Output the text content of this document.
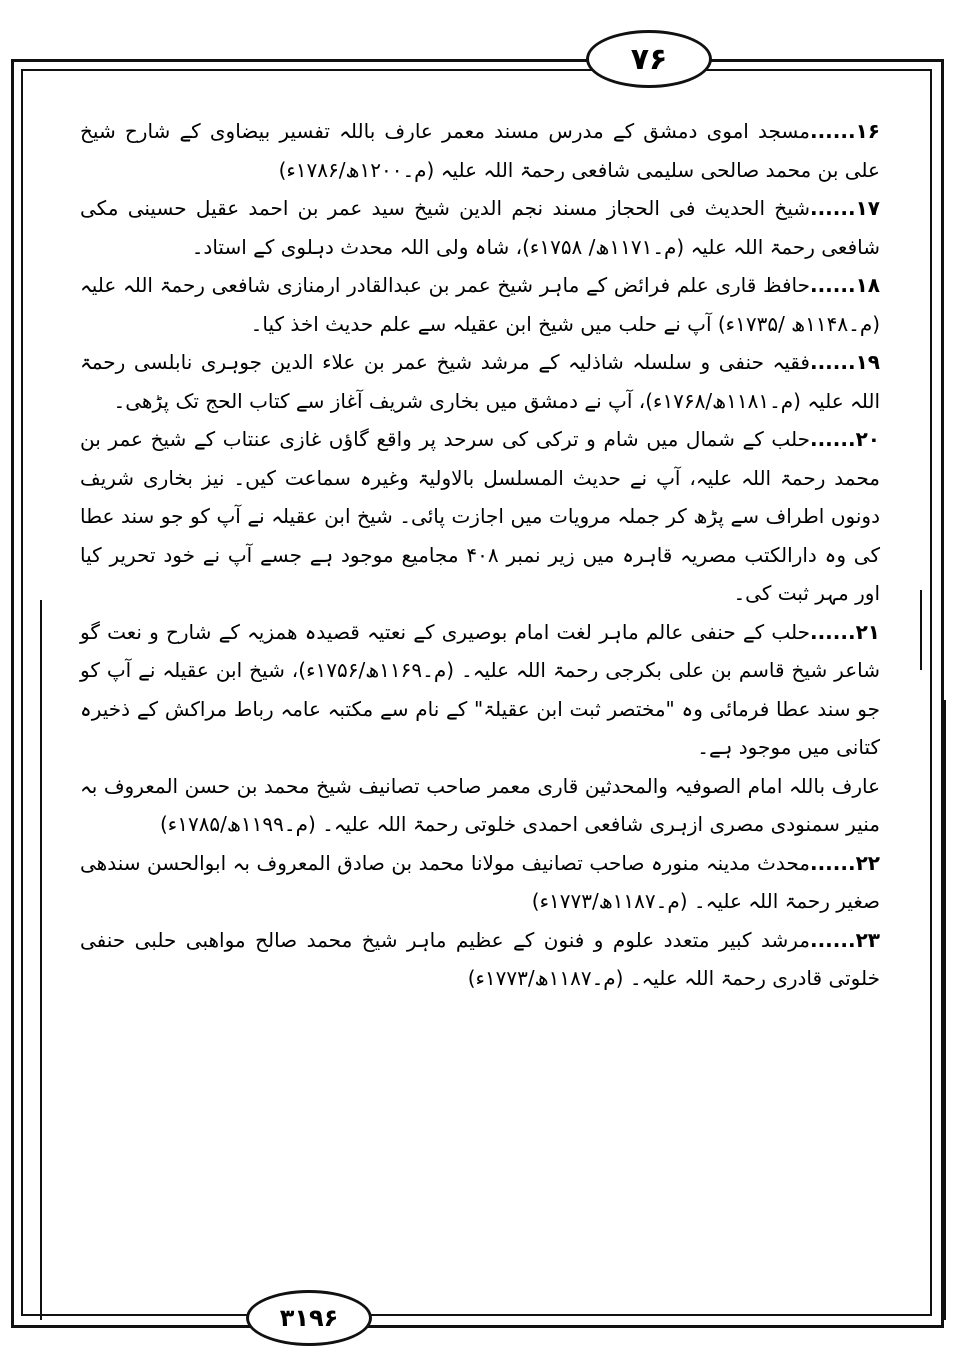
۷۶

۱۶......مسجد اموی دمشق کے مدرس مسند معمر عارف باللہ تفسیر بیضاوی کے شارح شیخ علی بن محمد صالحی سلیمی شافعی رحمۃ اللہ علیہ (م۔۱۲۰۰ھ/۱۷۸۶ء)

۱۷......شیخ الحدیث فی الحجاز مسند نجم الدین شیخ سید عمر بن احمد عقیل حسینی مکی شافعی رحمۃ اللہ علیہ (م۔۱۱۷۱ھ/ ۱۷۵۸ء)، شاہ ولی اللہ محدث دہلوی کے استاد۔

۱۸......حافظ قاری علم فرائض کے ماہر شیخ عمر بن عبدالقادر ارمنازی شافعی رحمۃ اللہ علیہ (م۔۱۱۴۸ھ /۱۷۳۵ء) آپ نے حلب میں شیخ ابن عقیلہ سے علم حدیث اخذ کیا۔

۱۹......فقیہ حنفی و سلسلہ شاذلیہ کے مرشد شیخ عمر بن علاء الدین جوہری نابلسی رحمۃ اللہ علیہ (م۔۱۱۸۱ھ/۱۷۶۸ء)، آپ نے دمشق میں بخاری شریف آغاز سے کتاب الحج تک پڑھی۔

۲۰......حلب کے شمال میں شام و ترکی کی سرحد پر واقع گاؤں غازی عنتاب کے شیخ عمر بن محمد رحمۃ اللہ علیہ، آپ نے حدیث المسلسل بالاولیۃ وغیرہ سماعت کیں۔ نیز بخاری شریف دونوں اطراف سے پڑھ کر جملہ مرویات میں اجازت پائی۔ شیخ ابن عقیلہ نے آپ کو جو سند عطا کی وہ دارالکتب مصریہ قاہرہ میں زیر نمبر ۴۰۸ مجامیع موجود ہے جسے آپ نے خود تحریر کیا اور مہر ثبت کی۔

۲۱......حلب کے حنفی عالم ماہر لغت امام بوصیری کے نعتیہ قصیدہ ھمزیہ کے شارح و نعت گو شاعر شیخ قاسم بن علی بکرجی رحمۃ اللہ علیہ۔ (م۔۱۱۶۹ھ/۱۷۵۶ء)، شیخ ابن عقیلہ نے آپ کو جو سند عطا فرمائی وہ "مختصر ثبت ابن عقیلۃ" کے نام سے مکتبہ عامہ رباط مراکش کے ذخیرہ کتانی میں موجود ہے۔

عارف باللہ امام الصوفیہ والمحدثین قاری معمر صاحب تصانیف شیخ محمد بن حسن المعروف بہ منیر سمنودی مصری ازہری شافعی احمدی خلوتی رحمۃ اللہ علیہ۔ (م۔۱۱۹۹ھ/۱۷۸۵ء)

۲۲......محدث مدینہ منورہ صاحب تصانیف مولانا محمد بن صادق المعروف بہ ابوالحسن سندھی صغیر رحمۃ اللہ علیہ۔ (م۔۱۱۸۷ھ/۱۷۷۳ء)

۲۳......مرشد کبیر متعدد علوم و فنون کے عظیم ماہر شیخ محمد صالح مواھبی حلبی حنفی خلوتی قادری رحمۃ اللہ علیہ۔ (م۔۱۱۸۷ھ/۱۷۷۳ء)

۳۱۹۶
